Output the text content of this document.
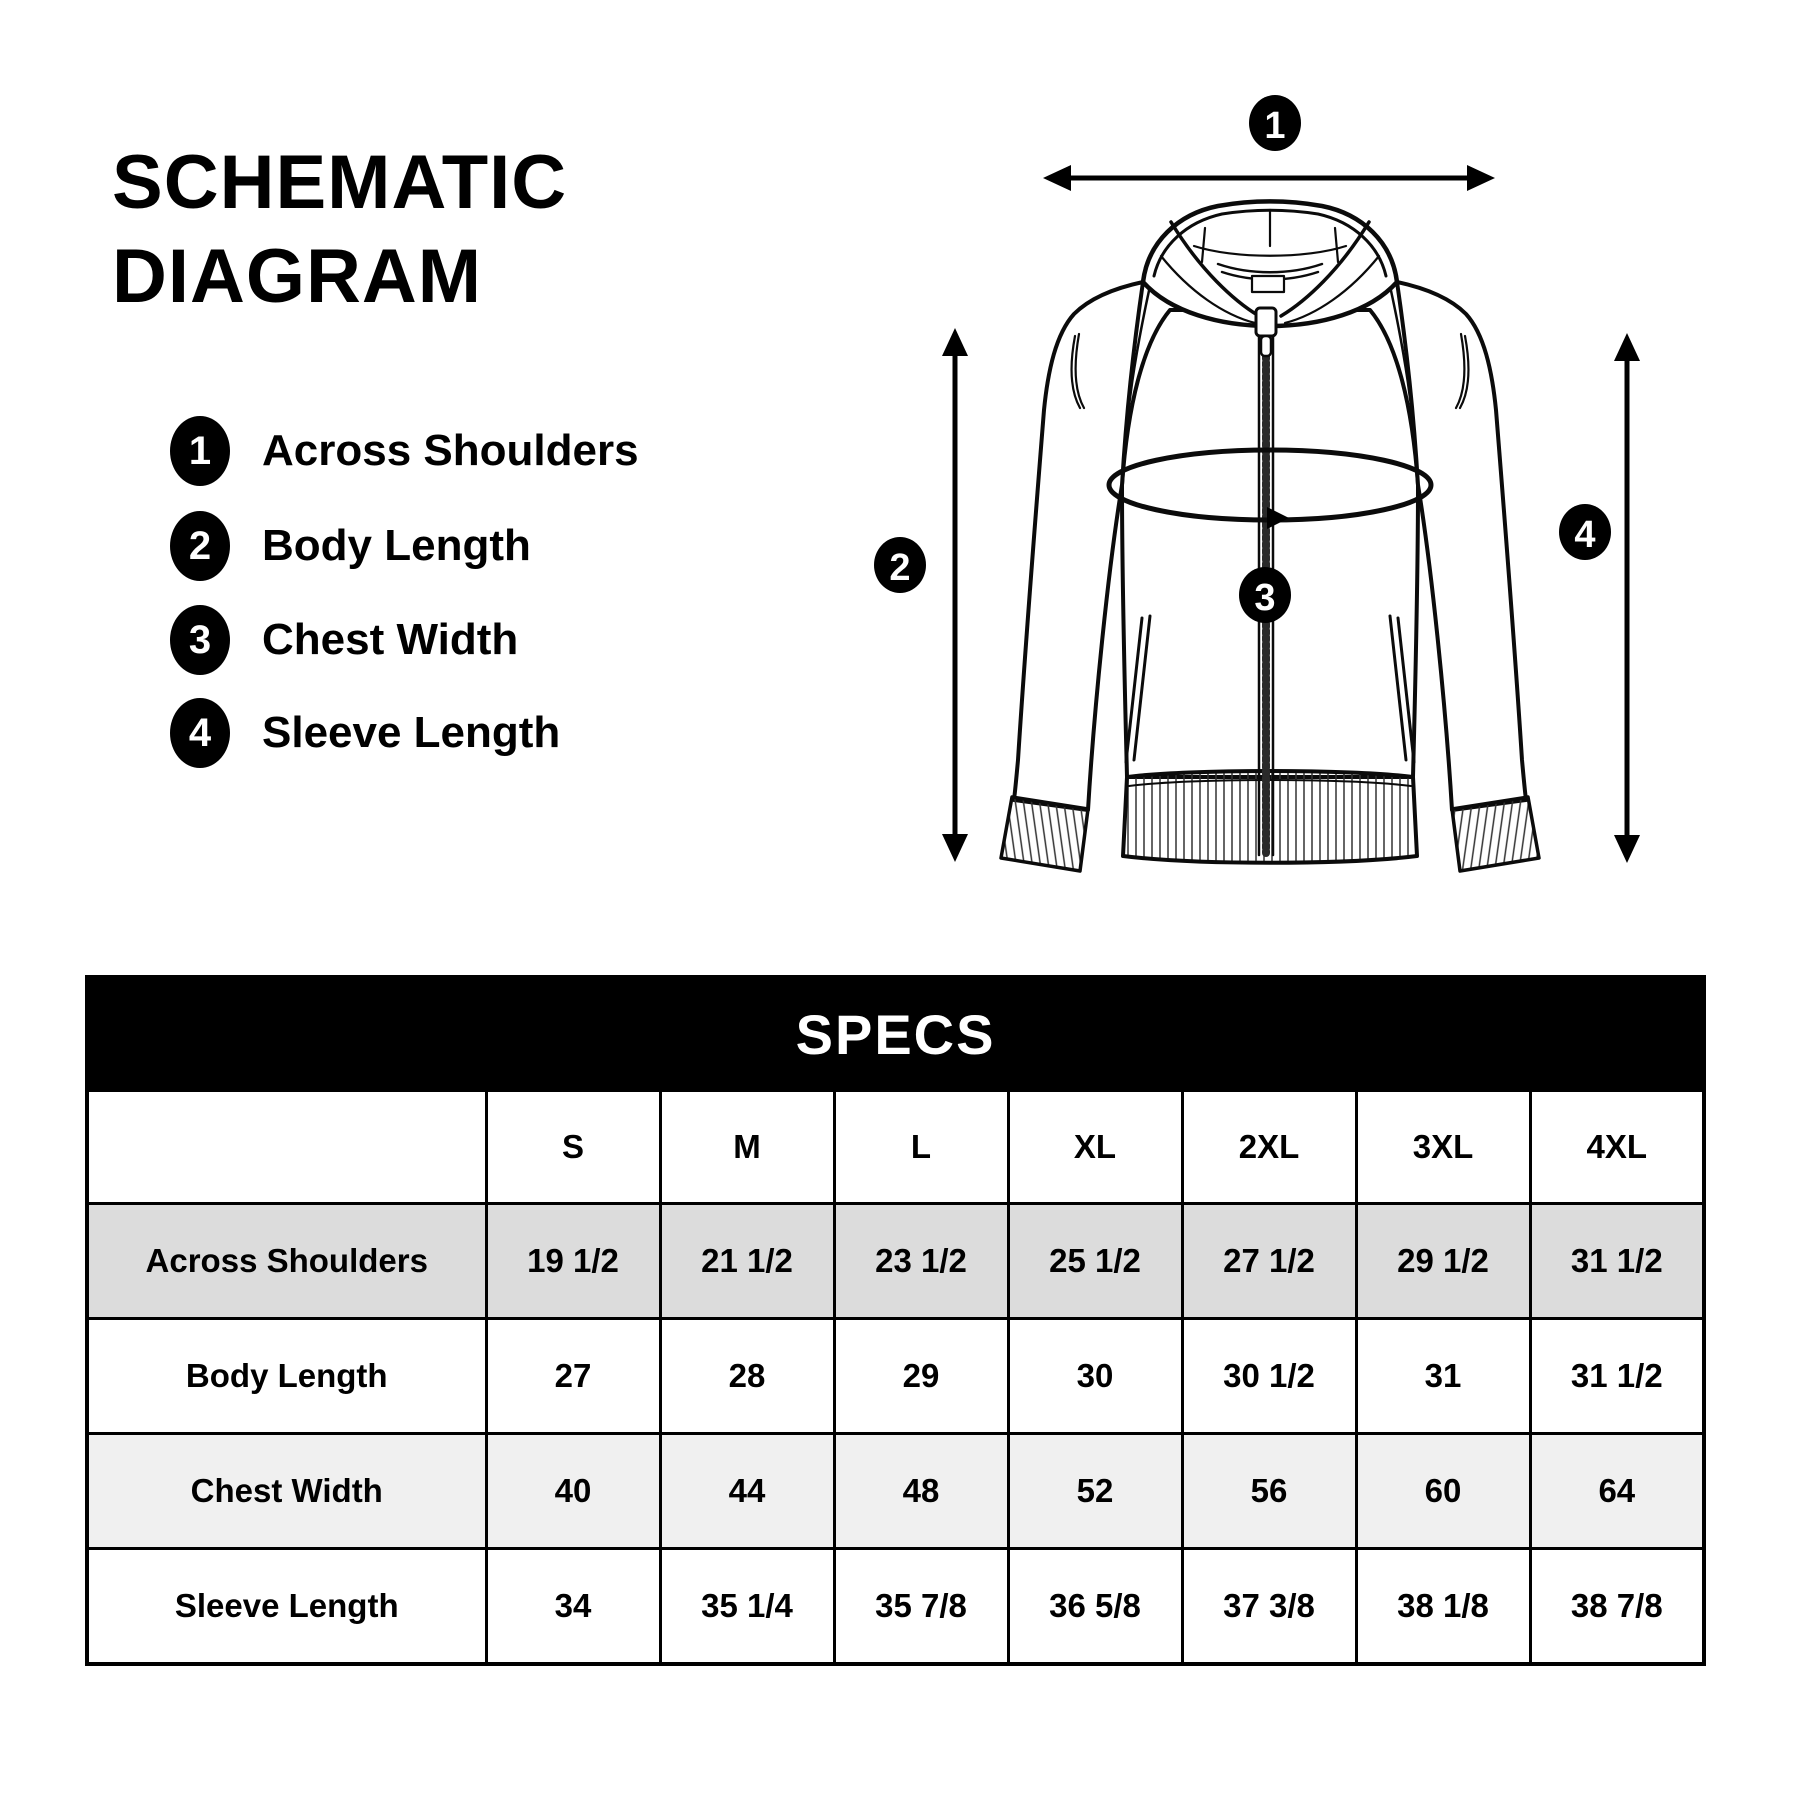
SCHEMATIC
DIAGRAM
1	Across Shoulders
2	Body Length
3	Chest Width
4	Sleeve Length
1
2
3
4
SPECS							
	S	M	L	XL	2XL	3XL	4XL
Across Shoulders	19 1/2	21 1/2	23 1/2	25 1/2	27 1/2	29 1/2	31 1/2
Body Length	27	28	29	30	30 1/2	31	31 1/2
Chest Width	40	44	48	52	56	60	64
Sleeve Length	34	35 1/4	35 7/8	36 5/8	37 3/8	38 1/8	38 7/8
